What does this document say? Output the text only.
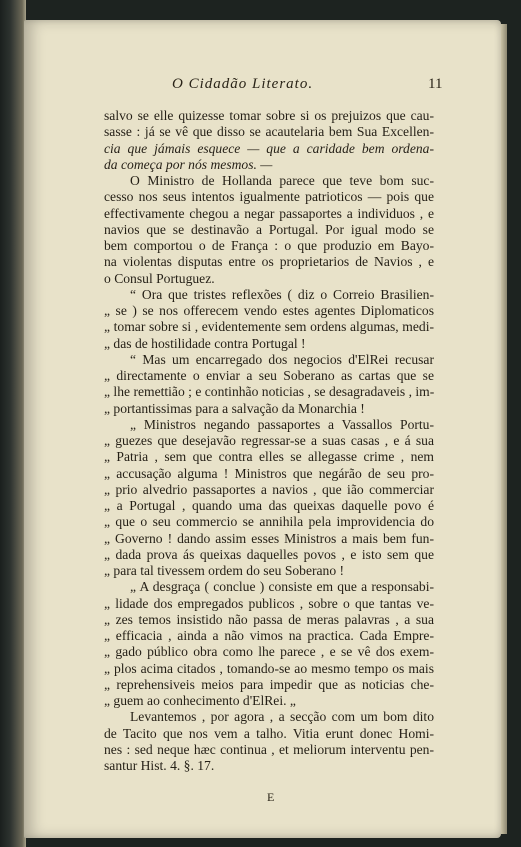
O Cidadão Literato.	11
salvo se elle quizesse tomar sobre si os prejuizos que cau-
sasse : já se vê que disso se acautelaria bem Sua Excellen-
cia que jámais esquece — que a caridade bem ordena-
da começa por nós mesmos. —
O Ministro de Hollanda parece que teve bom suc-
cesso nos seus intentos igualmente patrioticos — pois que
effectivamente chegou a negar passaportes a individuos , e
navios que se destinavão a Portugal. Por igual modo se
bem comportou o de França : o que produzio em Bayo-
na violentas disputas entre os proprietarios de Navios , e
o Consul Portuguez.
“ Ora que tristes reflexões ( diz o Correio Brasilien-
„ se ) se nos offerecem vendo estes agentes Diplomaticos
„ tomar sobre si , evidentemente sem ordens algumas, medi-
„ das de hostilidade contra Portugal !
“ Mas um encarregado dos negocios d'ElRei recusar
„ directamente o enviar a seu Soberano as cartas que se
„ lhe remettião ; e continhão noticias , se desagradaveis , im-
„ portantissimas para a salvação da Monarchia !
„ Ministros negando passaportes a Vassallos Portu-
„ guezes que desejavão regressar-se a suas casas , e á sua
„ Patria , sem que contra elles se allegasse crime , nem
„ accusação alguma ! Ministros que negárão de seu pro-
„ prio alvedrio passaportes a navios , que ião commerciar
„ a Portugal , quando uma das queixas daquelle povo é
„ que o seu commercio se annihila pela improvidencia do
„ Governo ! dando assim esses Ministros a mais bem fun-
„ dada prova ás queixas daquelles povos , e isto sem que
„ para tal tivessem ordem do seu Soberano !
„ A desgraça ( conclue ) consiste em que a responsabi-
„ lidade dos empregados publicos , sobre o que tantas ve-
„ zes temos insistido não passa de meras palavras , a sua
„ efficacia , ainda a não vimos na practica. Cada Empre-
„ gado público obra como lhe parece , e se vê dos exem-
„ plos acima citados , tomando-se ao mesmo tempo os mais
„ reprehensiveis meios para impedir que as noticias che-
„ guem ao conhecimento d'ElRei. „
Levantemos , por agora , a secção com um bom dito
de Tacito que nos vem a talho. Vitia erunt donec Homi-
nes : sed neque hæc continua , et meliorum interventu pen-
santur Hist. 4. §. 17.
E
